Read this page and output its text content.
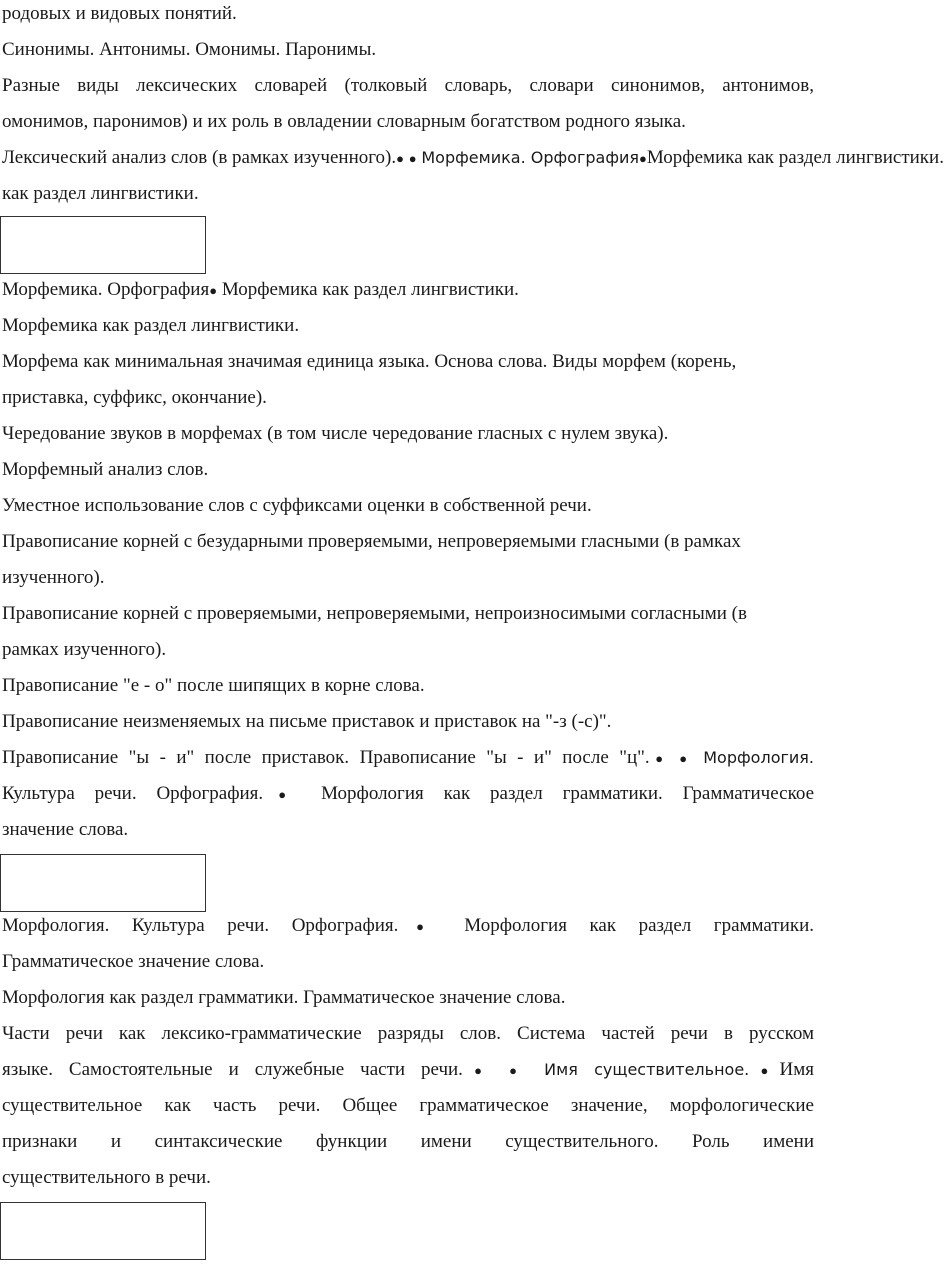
родовых и видовых понятий.
Синонимы. Антонимы. Омонимы. Паронимы.
Разные виды лексических словарей (толковый словарь, словари синонимов, антонимов,
омонимов, паронимов) и их роль в овладении словарным богатством родного языка.
Лексический анализ слов (в рамках изученного).● ● Морфемика. Орфография●Морфемика как раздел лингвистики.
как раздел лингвистики.
Морфемика. Орфография● Морфемика как раздел лингвистики.
Морфемика как раздел лингвистики.
Морфема как минимальная значимая единица языка. Основа слова. Виды морфем (корень,
приставка, суффикс, окончание).
Чередование звуков в морфемах (в том числе чередование гласных с нулем звука).
Морфемный анализ слов.
Уместное использование слов с суффиксами оценки в собственной речи.
Правописание корней с безударными проверяемыми, непроверяемыми гласными (в рамках
изученного).
Правописание корней с проверяемыми, непроверяемыми, непроизносимыми согласными (в
рамках изученного).
Правописание "е - о" после шипящих в корне слова.
Правописание неизменяемых на письме приставок и приставок на "-з (-с)".
Правописание "ы - и" после приставок. Правописание "ы - и" после "ц".● ● Морфология.
Культура речи. Орфография.● Морфология как раздел грамматики. Грамматическое
значение слова.
Морфология. Культура речи. Орфография.● Морфология как раздел грамматики.
Грамматическое значение слова.
Морфология как раздел грамматики. Грамматическое значение слова.
Части речи как лексико-грамматические разряды слов. Система частей речи в русском
языке. Самостоятельные и служебные части речи.● ● Имя существительное.●Имя
существительное как часть речи. Общее грамматическое значение, морфологические
признаки и синтаксические функции имени существительного. Роль имени
существительного в речи.
